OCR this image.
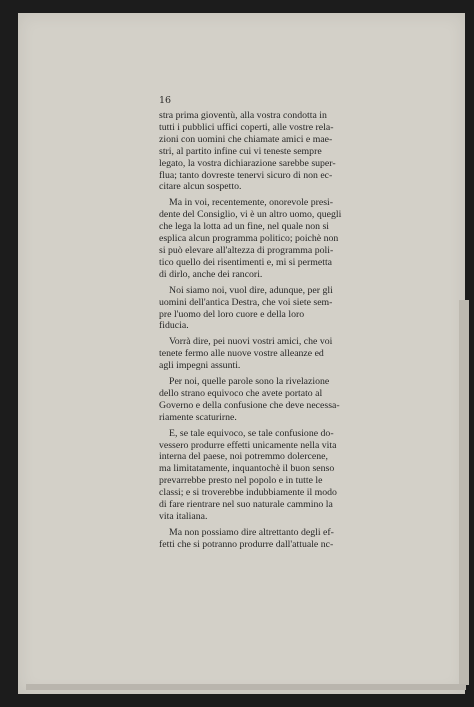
16
stra prima gioventù, alla vostra condotta in
tutti i pubblici uffici coperti, alle vostre rela-
zioni con uomini che chiamate amici e mae-
stri, al partito infine cui vi teneste sempre
legato, la vostra dichiarazione sarebbe super-
flua; tanto dovreste tenervi sicuro di non ec-
citare alcun sospetto.
Ma in voi, recentemente, onorevole presi-
dente del Consiglio, vi è un altro uomo, quegli
che lega la lotta ad un fine, nel quale non si
esplica alcun programma politico; poichè non
si può elevare all'altezza di programma poli-
tico quello dei risentimenti e, mi si permetta
di dirlo, anche dei rancori.
Noi siamo noi, vuol dire, adunque, per gli
uomini dell'antica Destra, che voi siete sem-
pre l'uomo del loro cuore e della loro
fiducia.
Vorrà dire, pei nuovi vostri amici, che voi
tenete fermo alle nuove vostre alleanze ed
agli impegni assunti.
Per noi, quelle parole sono la rivelazione
dello strano equivoco che avete portato al
Governo e della confusione che deve necessa-
riamente scaturirne.
E, se tale equivoco, se tale confusione do-
vessero produrre effetti unicamente nella vita
interna del paese, noi potremmo dolercene,
ma limitatamente, inquantochè il buon senso
prevarrebbe presto nel popolo e in tutte le
classi; e si troverebbe indubbiamente il modo
di fare rientrare nel suo naturale cammino la
vita italiana.
Ma non possiamo dire altrettanto degli ef-
fetti che si potranno produrre dall'attuale nc-
